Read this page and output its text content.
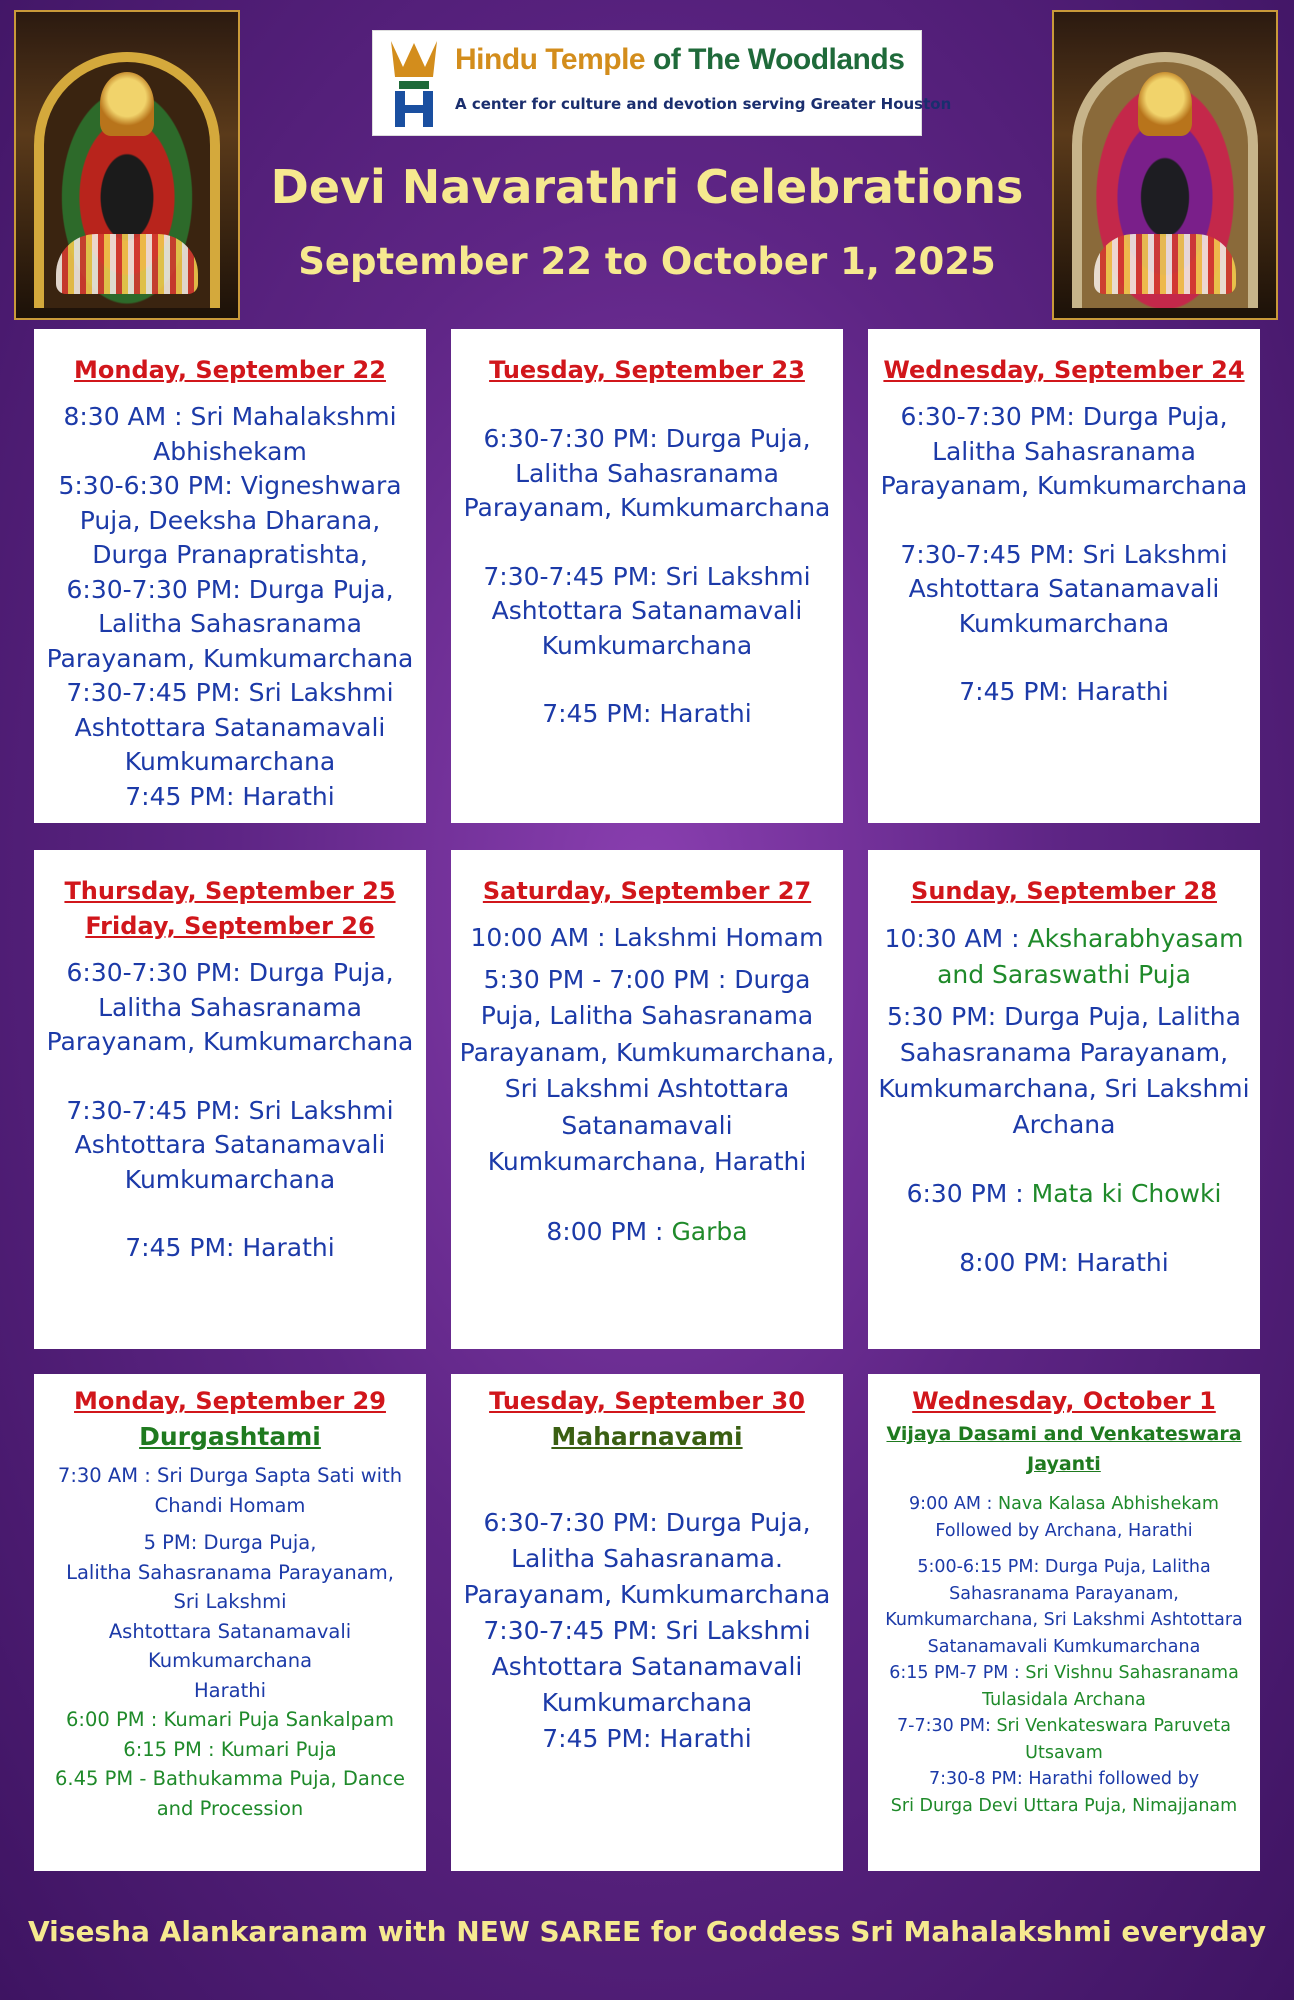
Hindu Temple of The Woodlands
A center for culture and devotion serving Greater Houston
Devi Navarathri Celebrations
September 22 to October 1, 2025
Monday, September 22

8:30 AM : Sri Mahalakshmi Abhishekam

5:30-6:30 PM: Vigneshwara Puja, Deeksha Dharana, Durga Pranapratishta,

6:30-7:30 PM: Durga Puja, Lalitha Sahasranama Parayanam, Kumkumarchana

7:30-7:45 PM: Sri Lakshmi Ashtottara Satanamavali Kumkumarchana

7:45 PM: Harathi

Tuesday, September 23

6:30-7:30 PM: Durga Puja, Lalitha Sahasranama Parayanam, Kumkumarchana

7:30-7:45 PM: Sri Lakshmi Ashtottara Satanamavali Kumkumarchana

7:45 PM: Harathi

Wednesday, September 24

6:30-7:30 PM: Durga Puja, Lalitha Sahasranama Parayanam, Kumkumarchana

7:30-7:45 PM: Sri Lakshmi Ashtottara Satanamavali Kumkumarchana

7:45 PM: Harathi

Thursday, September 25
Friday, September 26

6:30-7:30 PM: Durga Puja, Lalitha Sahasranama Parayanam, Kumkumarchana

7:30-7:45 PM: Sri Lakshmi Ashtottara Satanamavali Kumkumarchana

7:45 PM: Harathi

Saturday, September 27

10:00 AM : Lakshmi Homam

5:30 PM - 7:00 PM : Durga Puja, Lalitha Sahasranama Parayanam, Kumkumarchana, Sri Lakshmi Ashtottara Satanamavali Kumkumarchana, Harathi

8:00 PM : Garba

Sunday, September 28

10:30 AM : Aksharabhyasam and Saraswathi Puja

5:30 PM: Durga Puja, Lalitha Sahasranama Parayanam, Kumkumarchana, Sri Lakshmi Archana

6:30 PM : Mata ki Chowki

8:00 PM: Harathi

Monday, September 29
Durgashtami

7:30 AM : Sri Durga Sapta Sati with Chandi Homam

5 PM: Durga Puja,

Lalitha Sahasranama Parayanam,

Sri Lakshmi

Ashtottara Satanamavali

Kumkumarchana

Harathi

6:00 PM : Kumari Puja Sankalpam

6:15 PM : Kumari Puja

6.45 PM - Bathukamma Puja, Dance and Procession

Tuesday, September 30
Maharnavami

6:30-7:30 PM: Durga Puja, Lalitha Sahasranama. Parayanam, Kumkumarchana

7:30-7:45 PM: Sri Lakshmi Ashtottara Satanamavali Kumkumarchana

7:45 PM: Harathi

Wednesday, October 1
Vijaya Dasami and Venkateswara Jayanti

9:00 AM : Nava Kalasa Abhishekam

Followed by Archana, Harathi

5:00-6:15 PM: Durga Puja, Lalitha Sahasranama Parayanam, Kumkumarchana, Sri Lakshmi Ashtottara Satanamavali Kumkumarchana

6:15 PM-7 PM : Sri Vishnu Sahasranama Tulasidala Archana

7-7:30 PM: Sri Venkateswara Paruveta Utsavam

7:30-8 PM: Harathi followed by

Sri Durga Devi Uttara Puja, Nimajjanam

Visesha Alankaranam with NEW SAREE for Goddess Sri Mahalakshmi everyday
